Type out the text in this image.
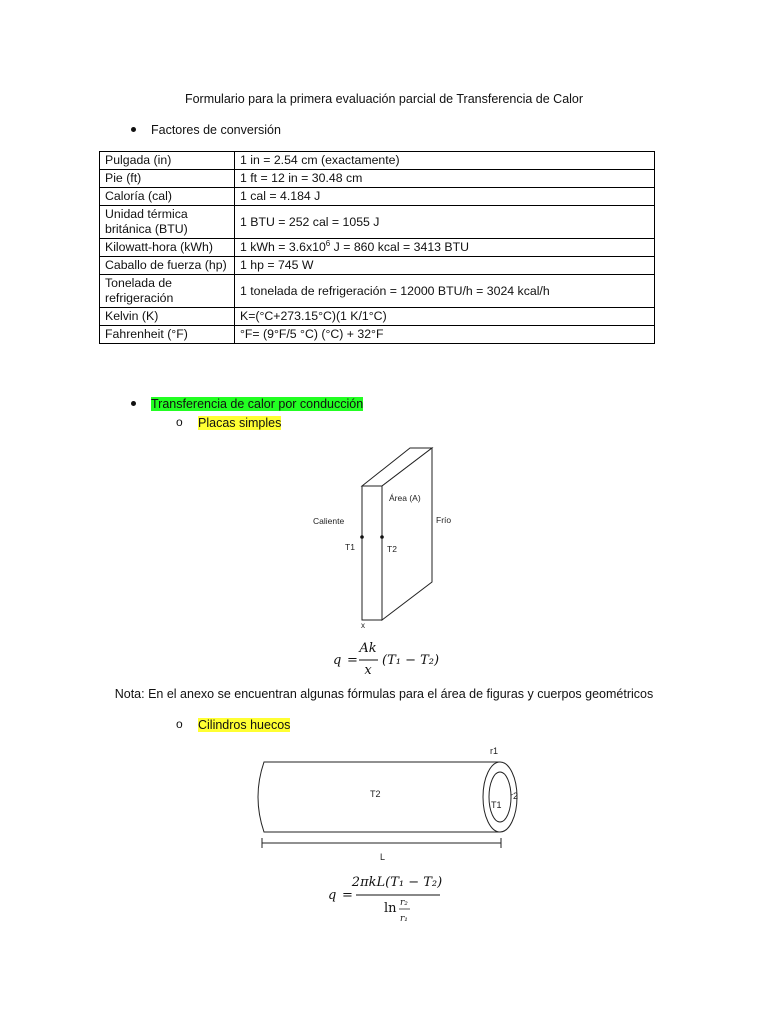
Formulario para la primera evaluación parcial de Transferencia de Calor
Factores de conversión
Pulgada (in)	1 in = 2.54 cm (exactamente)
Pie (ft)	1 ft = 12 in = 30.48 cm
Caloría (cal)	1 cal = 4.184 J
Unidad térmica británica (BTU)	1 BTU = 252 cal = 1055 J
Kilowatt-hora (kWh)	1 kWh = $3.6x10^6$ J = 860 kcal = 3413 BTU
Caballo de fuerza (hp)	1 hp = 745 W
Tonelada de refrigeración	1 tonelada de refrigeración = 12000 BTU/h = 3024 kcal/h
Kelvin (K)	K=(°C+273.15°C)(1 K/1°C)
Fahrenheit (°F)	°F= (9°F/5 °C) (°C) + 32°F
Transferencia de calor por conducción
o Placas simples
Caliente	Frío
Área (A)
T1	T2
x
q =
Ak
x
(T₁ − T₂)
Nota: En el anexo se encuentran algunas fórmulas para el área de figuras y cuerpos geométricos
o Cilindros huecos
T2
T1
r1
r2
L
q =
2πkL(T₁ − T₂)
ln r₂
r₁
